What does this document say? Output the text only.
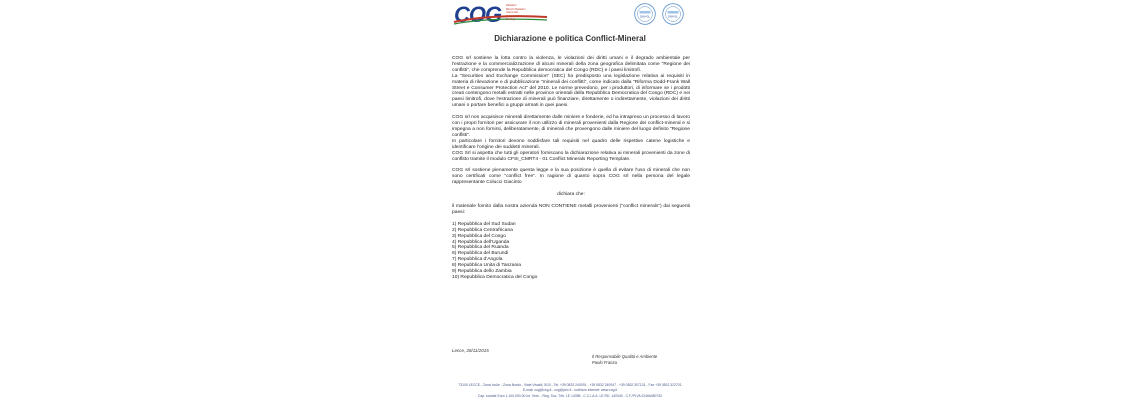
COG	Radiatori
Blocchi Radiatori
Intercooler
Radiatori olio
Cooling
DNV-GL	DNV-GL
Dichiarazione e politica Conflict-Mineral

COG srl sostiene la lotta contro la violenza, le violazioni dei diritti umani e il degrado ambientale per l'estrazione e la commercializzazione di alcuni minerali della zona geografica delimitata come "Regione dei conflitti", che comprende la Repubblica democratica del Congo (RDC) e i paesi limitrofi.

La "Securities and Exchange Commission" (SEC) ha predisposto una legislazione relativa ai requisiti in materia di rilevazione e di pubblicazione "minerali dei conflitti", come indicato dalla "Riforma Dodd-Frank Wall Street e Consumer Protection Act" del 2010. Le norme prevedono, per i produttori, di informare se i prodotti creati contengono metalli estratti nelle province orientali della Repubblica Democratica del Congo (RDC) e nei paesi limitrofi, dove l'estrazione di minerali può finanziare, direttamente o indirettamente, violazioni dei diritti umani o portare benefici a gruppi armati in quei paesi.

COG srl non acquisisce minerali direttamente dalle miniere e fonderie, ed ha intrapreso un processo di lavoro con i propri fornitori per assicurare il non utilizzo di minerali provenienti dalla Regione dei conflict-mineral e si impegna a non fornirsi, deliberatamente, di minerali che provengono dalle miniere del luogo definito "Regione conflitti".

In particolare i fornitori devono soddisfare tali requisiti nel quadro delle rispettive catene logistiche e identificare l'origine dei suddetti minerali.

COG Srl si aspetta che tutti gli operatori forniscano la dichiarazione relativa ai minerali provenienti da zone di conflitto tramite il modulo CFSI_CMRT4 - 01 Conflict Minerals Reporting Template.

COG srl sostiene pienamente questa legge e la sua posizione è quella di evitare l'uso di minerali che non sono certificati come "conflict free". In ragione di quanto sopra COG srl nella persona del legale rappresentante Colucci Giacinto

dichiara che:

il materiale fornito dalla nostra azienda NON CONTIENE metalli provenienti ("conflict minerals") dai seguenti paesi:

1) Repubblica del Sud Sudan
2) Repubblica Centrafricana
3) Repubblica del Congo
4) Repubblica dell'Uganda
5) Repubblica del Ruanda
6) Repubblica del Burundi
7) Repubblica d'Angola
8) Repubblica Unita di Tanzania
9) Repubblica dello Zambia
10) Repubblica Democratica del Congo
Lecce, 26/11/2015
Il Responsabile Qualità e Ambiente
Paolo Franza
73100 LECCE - Zona Ind.le - Zona Nordo - Viale Vivaldi, 5/10 - Tel. +39 0832 240091 - +39 0832 240947 - +39 0832 307131 - Fax +39 0832 322701
E-mail: cog@cog.it - cog@pec.it - indirizzo internet: www.cog.it
Cap. sociale Euro 1.100.000,00 int. Vers. - Reg. Soc. Trib. LE 14398 - C.C.I.A.A. LE RD. 140340 - C.F./P.IVA 02466480752
